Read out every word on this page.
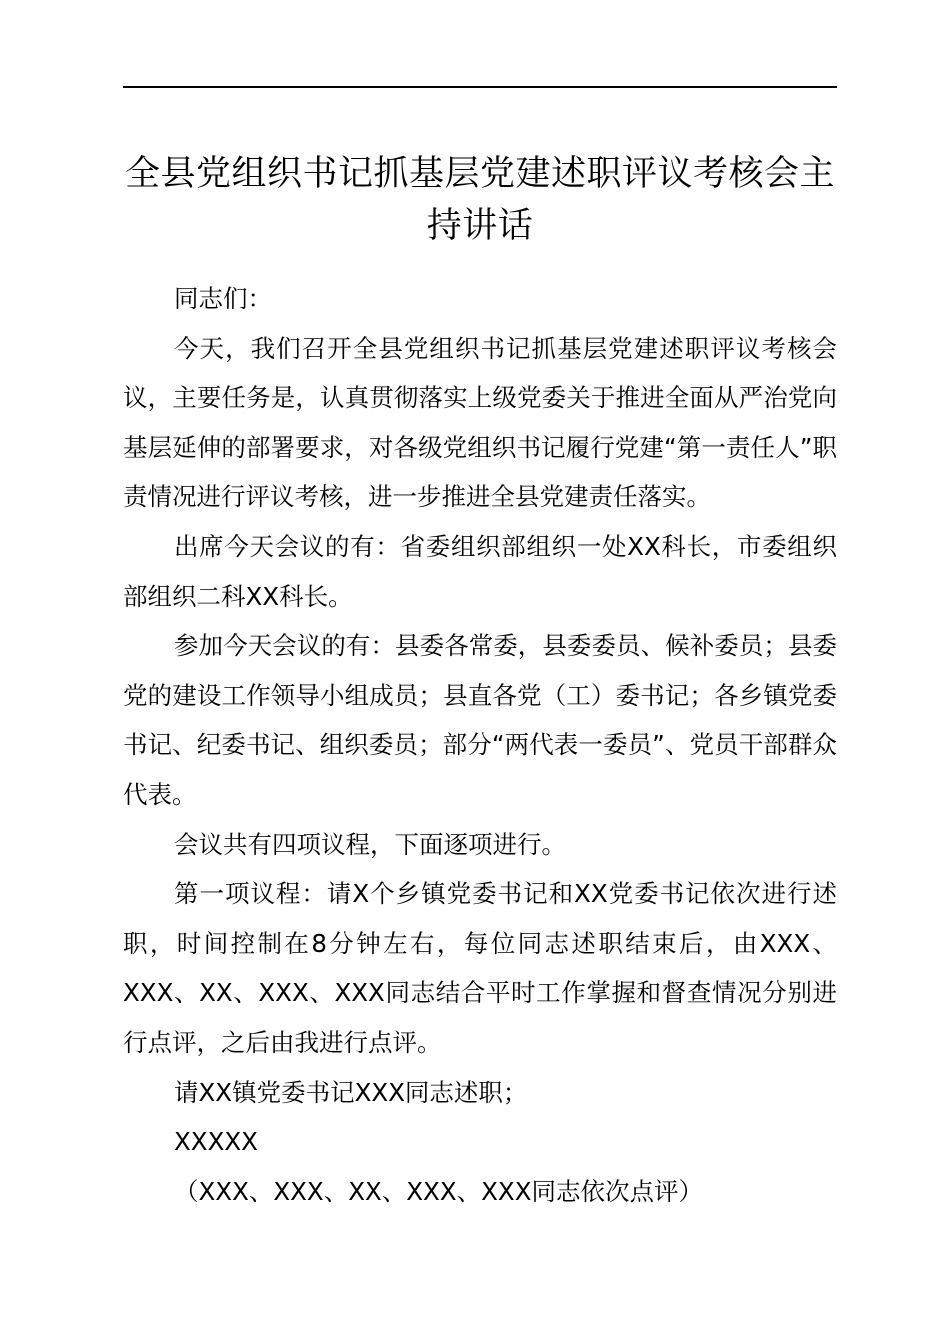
全县党组织书记抓基层党建述职评议考核会主
持讲话

同志们：

今天，我们召开全县党组织书记抓基层党建述职评议考核会议，主要任务是，认真贯彻落实上级党委关于推进全面从严治党向基层延伸的部署要求，对各级党组织书记履行党建“第一责任人”职责情况进行评议考核，进一步推进全县党建责任落实。

出席今天会议的有：省委组织部组织一处XX科长，市委组织部组织二科XX科长。

参加今天会议的有：县委各常委，县委委员、候补委员；县委党的建设工作领导小组成员；县直各党（工）委书记；各乡镇党委书记、纪委书记、组织委员；部分“两代表一委员”、党员干部群众代表。

会议共有四项议程，下面逐项进行。

第一项议程：请X个乡镇党委书记和XX党委书记依次进行述职，时间控制在8分钟左右，每位同志述职结束后，由XXX、XXX、XX、XXX、XXX同志结合平时工作掌握和督查情况分别进行点评，之后由我进行点评。

请XX镇党委书记XXX同志述职；

XXXXX

（XXX、XXX、XX、XXX、XXX同志依次点评）
